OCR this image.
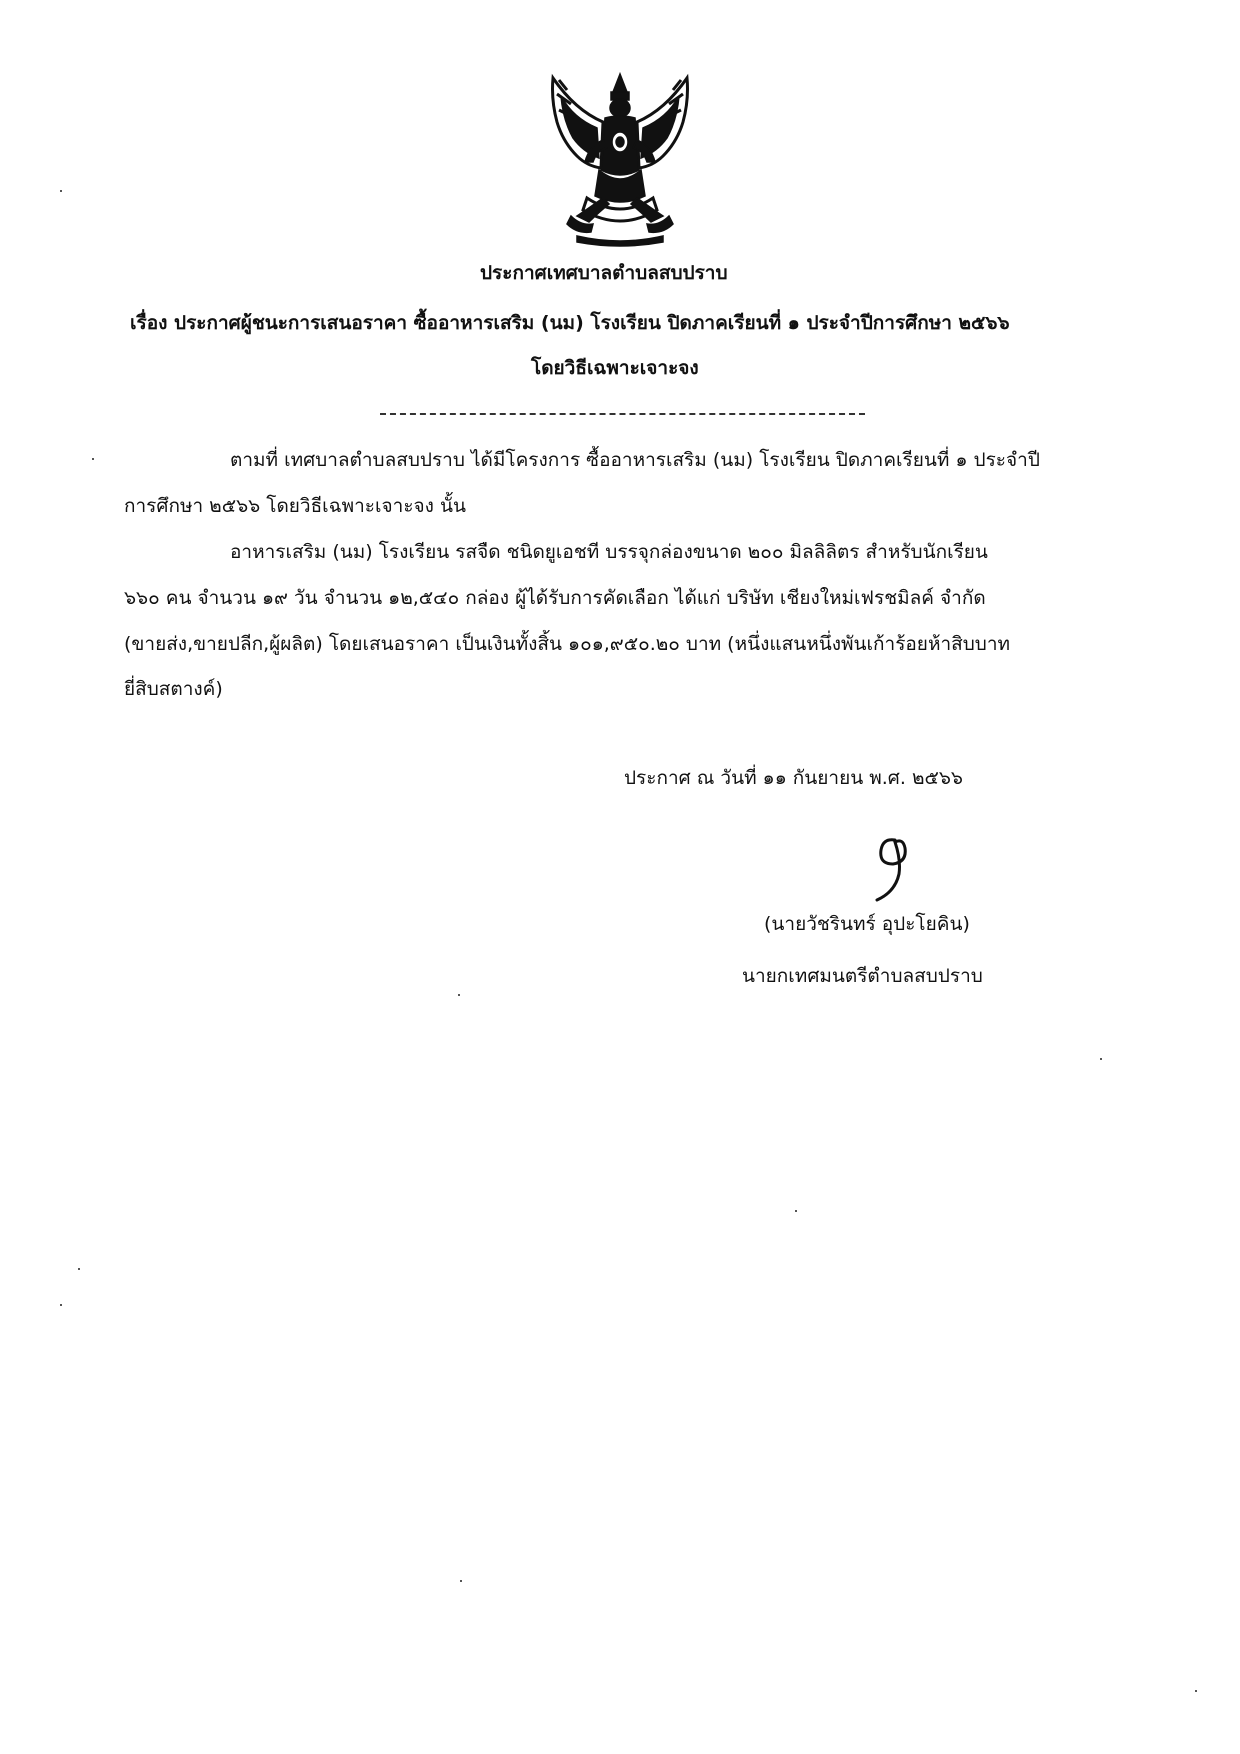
ประกาศเทศบาลตำบลสบปราบ
เรื่อง ประกาศผู้ชนะการเสนอราคา ซื้ออาหารเสริม (นม) โรงเรียน ปิดภาคเรียนที่ ๑ ประจำปีการศึกษา ๒๕๖๖
โดยวิธีเฉพาะเจาะจง
ตามที่ เทศบาลตำบลสบปราบ ได้มีโครงการ ซื้ออาหารเสริม (นม) โรงเรียน ปิดภาคเรียนที่ ๑ ประจำปี
การศึกษา ๒๕๖๖ โดยวิธีเฉพาะเจาะจง นั้น
อาหารเสริม (นม) โรงเรียน รสจืด ชนิดยูเอชที บรรจุกล่องขนาด ๒๐๐ มิลลิลิตร สำหรับนักเรียน
๖๖๐ คน จำนวน ๑๙ วัน จำนวน ๑๒,๕๔๐ กล่อง ผู้ได้รับการคัดเลือก ได้แก่ บริษัท เชียงใหม่เฟรชมิลค์ จำกัด
(ขายส่ง,ขายปลีก,ผู้ผลิต) โดยเสนอราคา เป็นเงินทั้งสิ้น ๑๐๑,๙๕๐.๒๐ บาท (หนึ่งแสนหนึ่งพันเก้าร้อยห้าสิบบาท
ยี่สิบสตางค์)
ประกาศ ณ วันที่ ๑๑ กันยายน พ.ศ. ๒๕๖๖
(นายวัชรินทร์ อุปะโยคิน)
นายกเทศมนตรีตำบลสบปราบ
